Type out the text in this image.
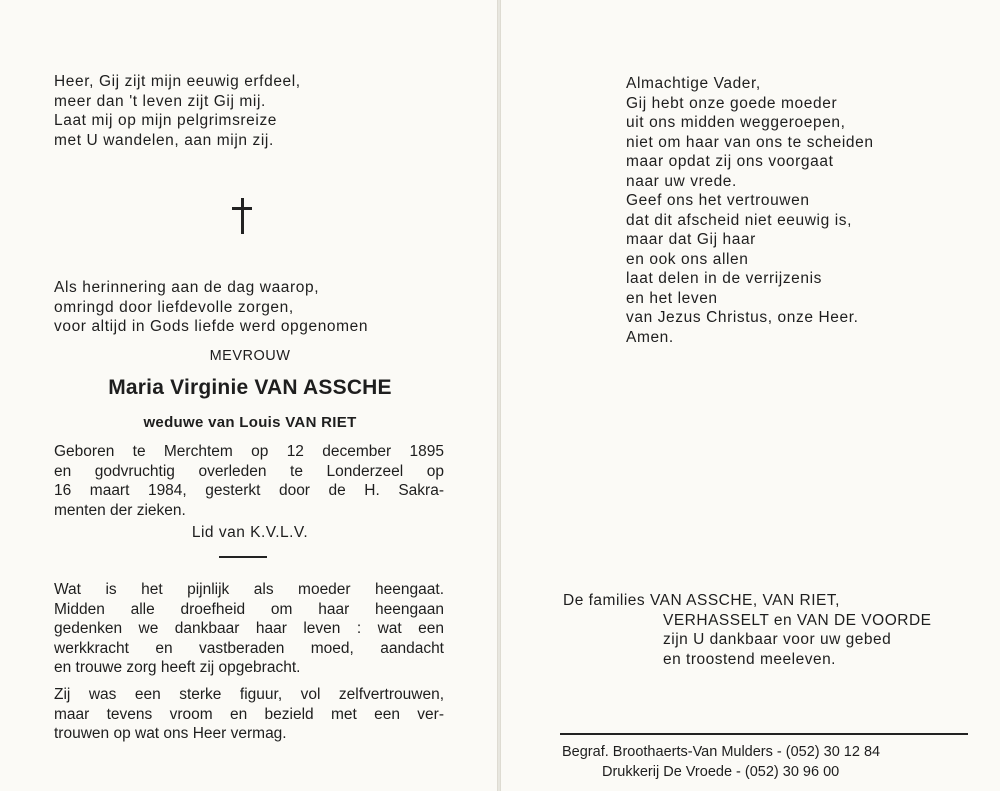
Heer, Gij zijt mijn eeuwig erfdeel,
meer dan 't leven zijt Gij mij.
Laat mij op mijn pelgrimsreize
met U wandelen, aan mijn zij.
Als herinnering aan de dag waarop,
omringd door liefdevolle zorgen,
voor altijd in Gods liefde werd opgenomen
MEVROUW
Maria Virginie VAN ASSCHE
weduwe van Louis VAN RIET
Geboren te Merchtem op 12 december 1895
en godvruchtig overleden te Londerzeel op
16 maart 1984, gesterkt door de H. Sakra-
menten der zieken.
Lid van K.V.L.V.
Wat is het pijnlijk als moeder heengaat.
Midden alle droefheid om haar heengaan
gedenken we dankbaar haar leven : wat een
werkkracht en vastberaden moed, aandacht
en trouwe zorg heeft zij opgebracht.
Zij was een sterke figuur, vol zelfvertrouwen,
maar tevens vroom en bezield met een ver-
trouwen op wat ons Heer vermag.
Almachtige Vader,
Gij hebt onze goede moeder
uit ons midden weggeroepen,
niet om haar van ons te scheiden
maar opdat zij ons voorgaat
naar uw vrede.
Geef ons het vertrouwen
dat dit afscheid niet eeuwig is,
maar dat Gij haar
en ook ons allen
laat delen in de verrijzenis
en het leven
van Jezus Christus, onze Heer.
Amen.
De families VAN ASSCHE, VAN RIET,
VERHASSELT en VAN DE VOORDE
zijn U dankbaar voor uw gebed
en troostend meeleven.
Begraf. Broothaerts-Van Mulders - (052) 30 12 84
Drukkerij De Vroede - (052) 30 96 00
